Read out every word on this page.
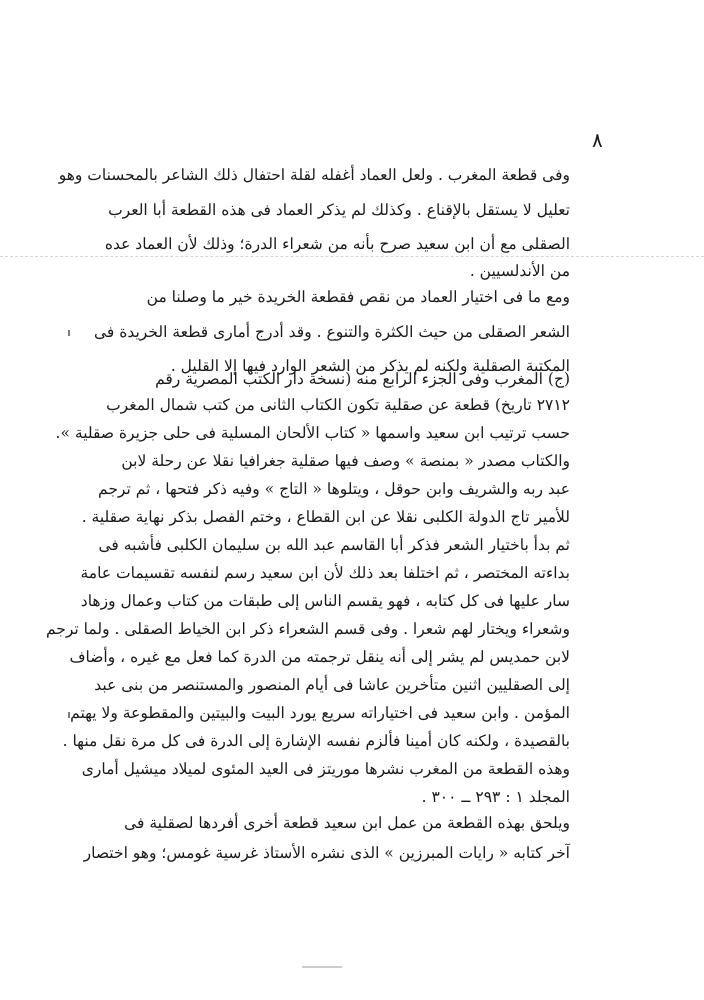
٨
وفى قطعة المغرب . ولعل العماد أغفله لقلة احتفال ذلك الشاعر بالمحسنات وهو
تعليل لا يستقل بالإقناع . وكذلك لم يذكر العماد فى هذه القطعة أبا العرب
الصقلى مع أن ابن سعيد صرح بأنه من شعراء الدرة؛ وذلك لأن العماد عده
من الأندلسيين .
ومع ما فى اختيار العماد من نقص فقطعة الخريدة خير ما وصلنا من
الشعر الصقلى من حيث الكثرة والتنوع . وقد أدرج أمارى قطعة الخريدة فى
المكتبة الصقلية ولكنه لم يذكر من الشعر الوارد فيها إلا القليل .
(ج) المغرب وفى الجزء الرابع منه (نسخة دار الكتب المصرية رقم
٢٧١٢ تاريخ) قطعة عن صقلية تكون الكتاب الثانى من كتب شمال المغرب
حسب ترتيب ابن سعيد واسمها « كتاب الألحان المسلية فى حلى جزيرة صقلية ».
والكتاب مصدر « بمنصة » وصف فيها صقلية جغرافيا نقلا عن رحلة لابن
عبد ربه والشريف وابن حوقل ، ويتلوها « التاج » وفيه ذكر فتحها ، ثم ترجم
للأمير تاج الدولة الكلبى نقلا عن ابن القطاع ، وختم الفصل بذكر نهاية صقلية .
ثم بدأ باختيار الشعر فذكر أبا القاسم عبد الله بن سليمان الكلبى فأشبه فى
بداءته المختصر ، ثم اختلفا بعد ذلك لأن ابن سعيد رسم لنفسه تقسيمات عامة
سار عليها فى كل كتابه ، فهو يقسم الناس إلى طبقات من كتاب وعمال وزهاد
وشعراء ويختار لهم شعرا . وفى قسم الشعراء ذكر ابن الخياط الصقلى . ولما ترجم
لابن حمديس لم يشر إلى أنه ينقل ترجمته من الدرة كما فعل مع غيره ، وأضاف
إلى الصقليين اثنين متأخرين عاشا فى أيام المنصور والمستنصر من بنى عبد
المؤمن . وابن سعيد فى اختياراته سريع يورد البيت والبيتين والمقطوعة ولا يهتم
بالقصيدة ، ولكنه كان أمينا فألزم نفسه الإشارة إلى الدرة فى كل مرة نقل منها .
وهذه القطعة من المغرب نشرها موريتز فى العيد المئوى لميلاد ميشيل أمارى
المجلد ١ : ٢٩٣ ــ ٣٠٠ .
ويلحق بهذه القطعة من عمل ابن سعيد قطعة أخرى أفردها لصقلية فى
آخر كتابه « رايات المبرزين » الذى نشره الأستاذ غرسية غومس؛ وهو اختصار
